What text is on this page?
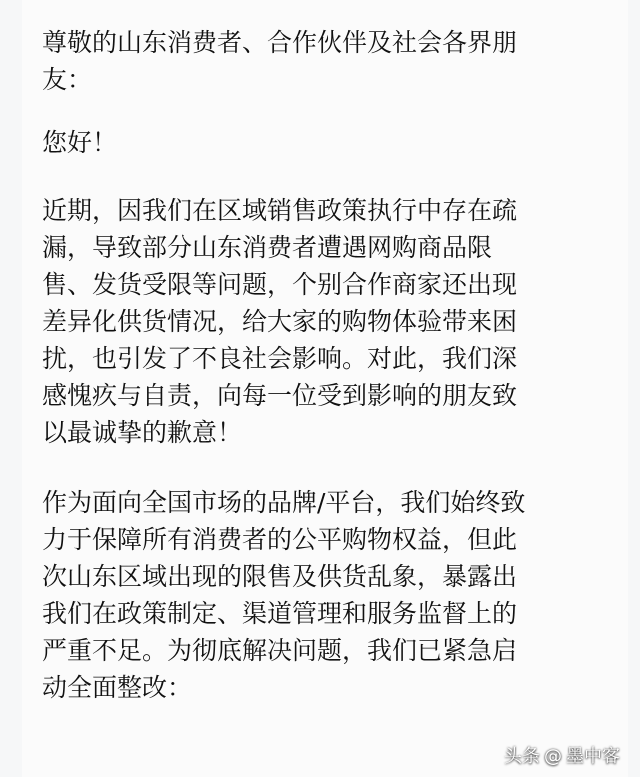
尊敬的山东消费者、合作伙伴及社会各界朋
友：
您好！
近期，因我们在区域销售政策执行中存在疏
漏，导致部分山东消费者遭遇网购商品限
售、发货受限等问题，个别合作商家还出现
差异化供货情况，给大家的购物体验带来困
扰，也引发了不良社会影响。对此，我们深
感愧疚与自责，向每一位受到影响的朋友致
以最诚挚的歉意！
作为面向全国市场的品牌/平台，我们始终致
力于保障所有消费者的公平购物权益，但此
次山东区域出现的限售及供货乱象，暴露出
我们在政策制定、渠道管理和服务监督上的
严重不足。为彻底解决问题，我们已紧急启
动全面整改：
头条 @ 墨中客
